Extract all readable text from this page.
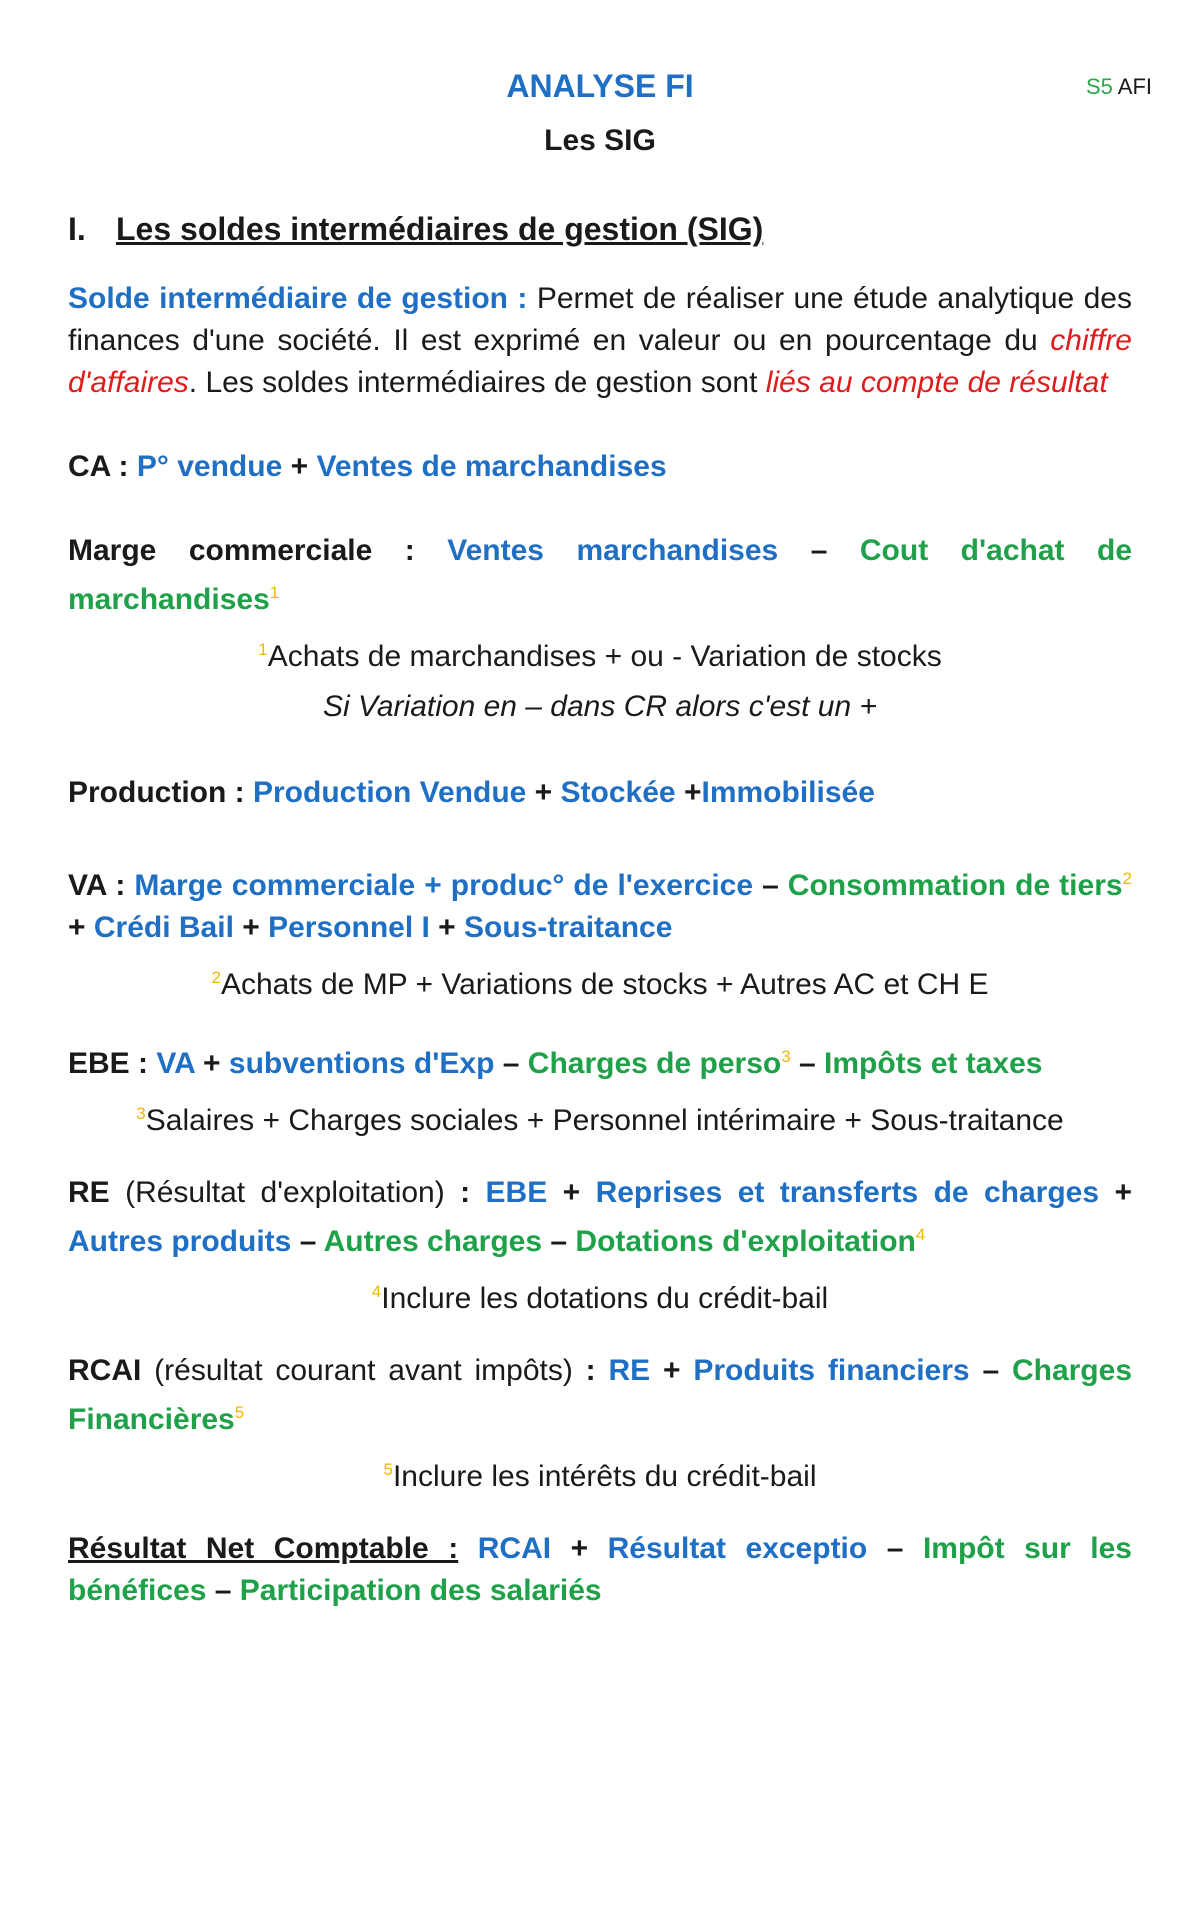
S5 AFI
ANALYSE FI
Les SIG
I. Les soldes intermédiaires de gestion (SIG)

Solde intermédiaire de gestion : Permet de réaliser une étude analytique des finances d'une société. Il est exprimé en valeur ou en pourcentage du chiffre d'affaires. Les soldes intermédiaires de gestion sont liés au compte de résultat

CA : P° vendue + Ventes de marchandises

Marge commerciale : Ventes marchandises – Cout d'achat de marchandises$^1$

$^1$Achats de marchandises + ou - Variation de stocks

Si Variation en – dans CR alors c'est un +

Production : Production Vendue + Stockée +Immobilisée

VA : Marge commerciale + produc° de l'exercice – Consommation de tiers$^2$ + Crédi Bail + Personnel I + Sous-traitance

$^2$Achats de MP + Variations de stocks + Autres AC et CH E

EBE : VA + subventions d'Exp – Charges de perso$^3$ – Impôts et taxes

$^3$Salaires + Charges sociales + Personnel intérimaire + Sous-traitance

RE (Résultat d'exploitation) : EBE + Reprises et transferts de charges + Autres produits – Autres charges – Dotations d'exploitation$^4$

$^4$Inclure les dotations du crédit-bail

RCAI (résultat courant avant impôts) : RE + Produits financiers – Charges Financières$^5$

$^5$Inclure les intérêts du crédit-bail

Résultat Net Comptable : RCAI + Résultat exceptio – Impôt sur les bénéfices – Participation des salariés
